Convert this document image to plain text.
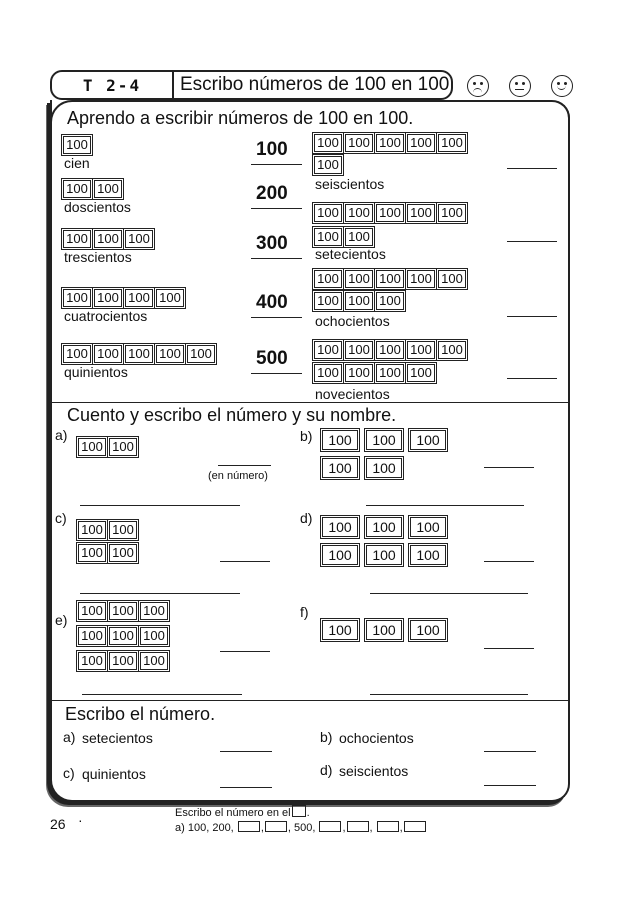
T 2-4	Escribo números de 100 en 100
Aprendo a escribir números de 100 en 100.
100
cien
100
100 100
doscientos
200
100 100 100
trescientos
300
100 100 100 100
cuatrocientos
400
100 100 100 100 100
quinientos
500
100 100 100 100 100
100
seiscientos
100 100 100 100 100
100 100
setecientos
100 100 100 100 100
100 100 100
ochocientos
100 100 100 100 100
100 100 100 100
novecientos
Cuento y escribo el número y su nombre.
(en número)
a)
100 100
b)	100	100	100
100	100
c)
100 100
100 100
d)
100	100	100
100	100	100
e)
100 100 100
100 100 100
100 100 100
f)
100	100	100
Escribo el número.
a) setecientos	b) ochocientos
c) quinientos	d) seiscientos
26 ·	Escribo el número en el .
a) 100, 200, , , 500, , , ,
